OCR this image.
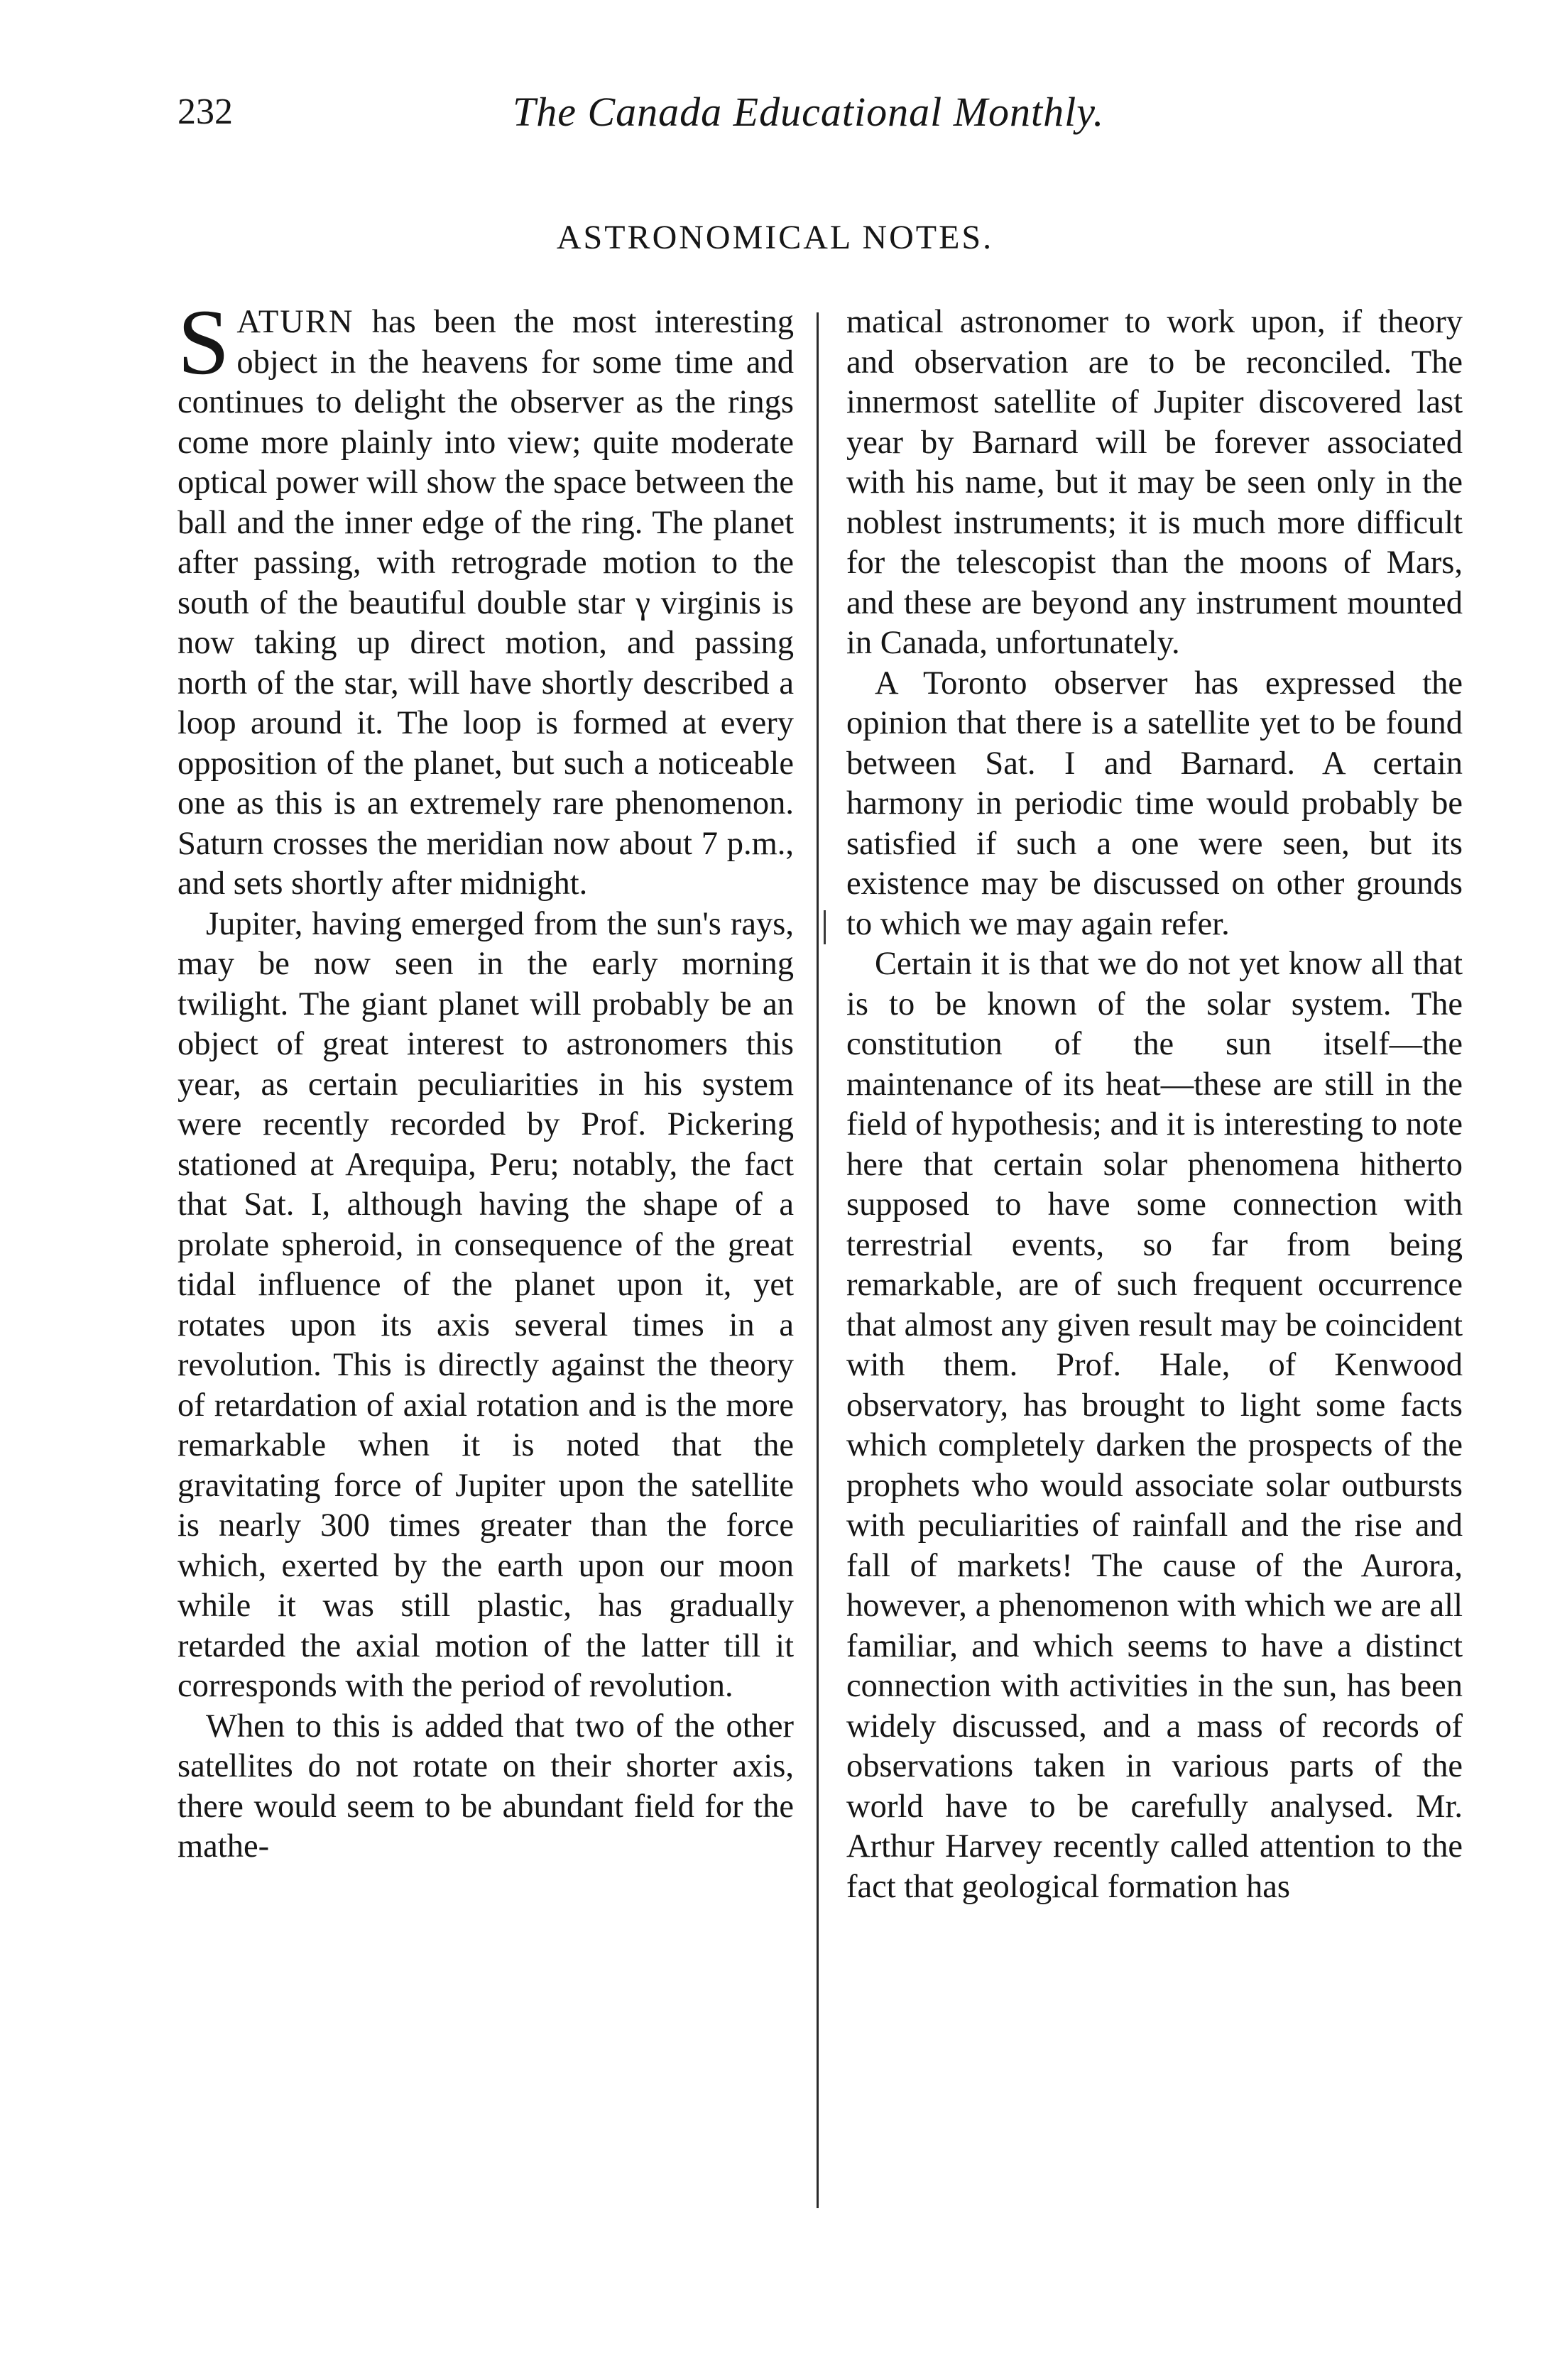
232	The Canada Educational Monthly.
ASTRONOMICAL NOTES.

SATURN has been the most interesting object in the heavens for some time and continues to delight the observer as the rings come more plainly into view; quite moderate optical power will show the space between the ball and the inner edge of the ring. The planet after passing, with retrograde motion to the south of the beautiful double star γ virginis is now taking up direct motion, and passing north of the star, will have shortly described a loop around it. The loop is formed at every opposition of the planet, but such a noticeable one as this is an extremely rare phenomenon. Saturn crosses the meridian now about 7 p.m., and sets shortly after midnight.

Jupiter, having emerged from the sun's rays, may be now seen in the early morning twilight. The giant planet will probably be an object of great interest to astronomers this year, as certain peculiarities in his system were recently recorded by Prof. Pickering stationed at Arequipa, Peru; notably, the fact that Sat. I, although having the shape of a prolate spheroid, in consequence of the great tidal influence of the planet upon it, yet rotates upon its axis several times in a revolution. This is directly against the theory of retardation of axial rotation and is the more remarkable when it is noted that the gravitating force of Jupiter upon the satellite is nearly 300 times greater than the force which, exerted by the earth upon our moon while it was still plastic, has gradually retarded the axial motion of the latter till it corresponds with the period of revolution.

When to this is added that two of the other satellites do not rotate on their shorter axis, there would seem to be abundant field for the mathe-

matical astronomer to work upon, if theory and observation are to be reconciled. The innermost satellite of Jupiter discovered last year by Barnard will be forever associated with his name, but it may be seen only in the noblest instruments; it is much more difficult for the telescopist than the moons of Mars, and these are beyond any instrument mounted in Canada, unfortunately.

A Toronto observer has expressed the opinion that there is a satellite yet to be found between Sat. I and Barnard. A certain harmony in periodic time would probably be satisfied if such a one were seen, but its existence may be discussed on other grounds to which we may again refer.

Certain it is that we do not yet know all that is to be known of the solar system. The constitution of the sun itself—the maintenance of its heat—these are still in the field of hypothesis; and it is interesting to note here that certain solar phenomena hitherto supposed to have some connection with terrestrial events, so far from being remarkable, are of such frequent occurrence that almost any given result may be coincident with them. Prof. Hale, of Kenwood observatory, has brought to light some facts which completely darken the prospects of the prophets who would associate solar outbursts with peculiarities of rainfall and the rise and fall of markets! The cause of the Aurora, however, a phenomenon with which we are all familiar, and which seems to have a distinct connection with activities in the sun, has been widely discussed, and a mass of records of observations taken in various parts of the world have to be carefully analysed. Mr. Arthur Harvey recently called attention to the fact that geological formation has
